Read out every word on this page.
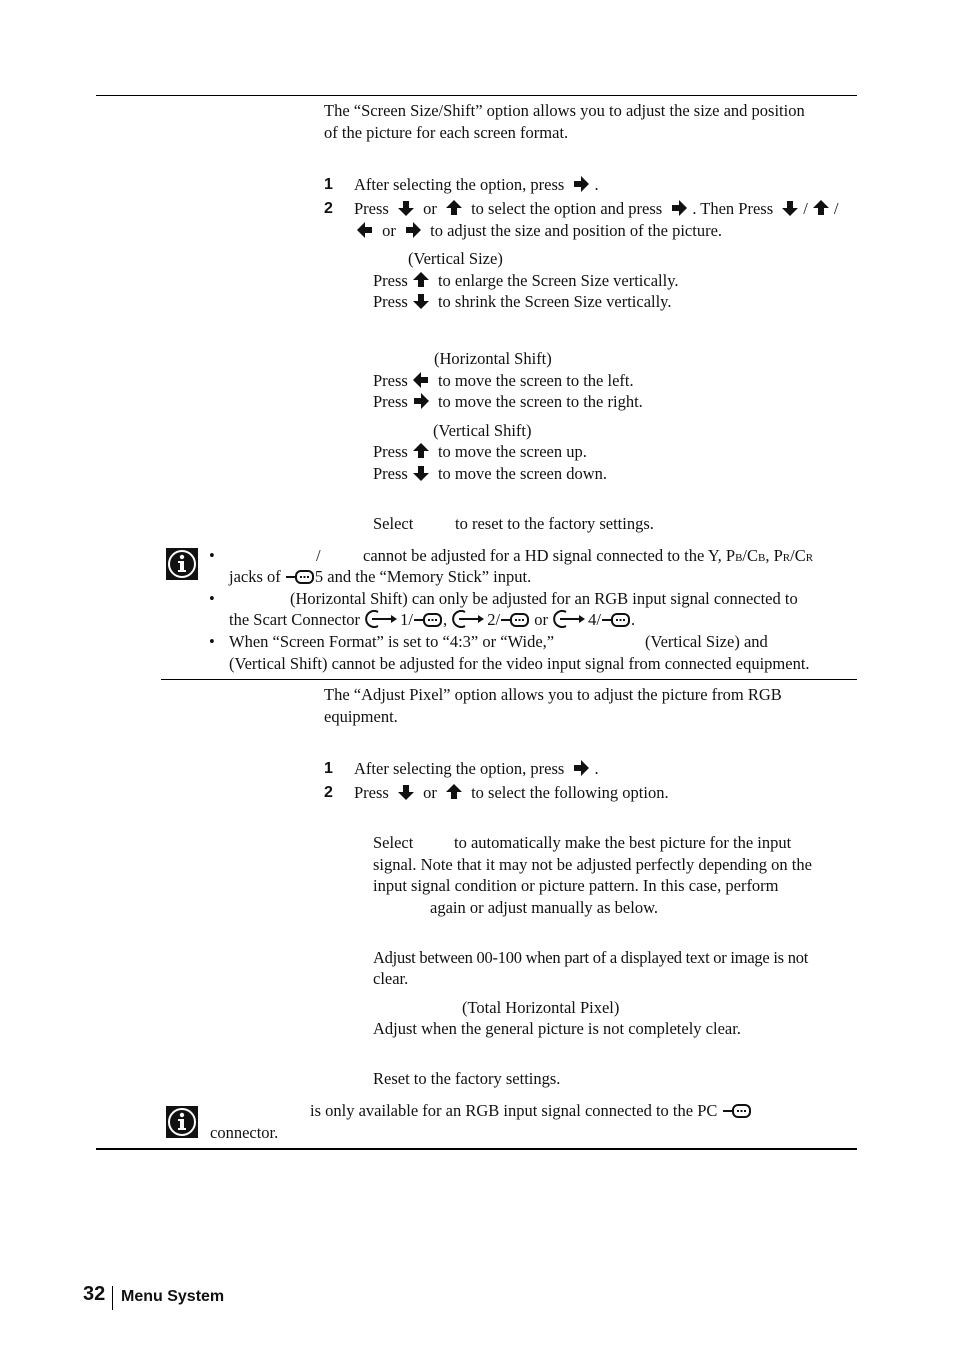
The “Screen Size/Shift” option allows you to adjust the size and position
of the picture for each screen format.
1 After selecting the option, press .
2 Press or to select the option and press . Then Press / /
or to adjust the size and position of the picture.
(Vertical Size)
Press to enlarge the Screen Size vertically.
Press to shrink the Screen Size vertically.
(Horizontal Shift)
Press to move the screen to the left.
Press to move the screen to the right.
(Vertical Shift)
Press to move the screen up.
Press to move the screen down.
Select	to reset to the factory settings.
•	/	cannot be adjusted for a HD signal connected to the Y, PB/CB, PR/CR
jacks of 5 and the “Memory Stick” input.
•	(Horizontal Shift) can only be adjusted for an RGB input signal connected to
the Scart Connector 1/ ,
2/ or 4/ .
• When “Screen Format” is set to “4:3” or “Wide,”	(Vertical Size) and
(Vertical Shift) cannot be adjusted for the video input signal from connected equipment.
The “Adjust Pixel” option allows you to adjust the picture from RGB
equipment.
1 After selecting the option, press .
2 Press or to select the following option.
Select to automatically make the best picture for the input
signal. Note that it may not be adjusted perfectly depending on the
input signal condition or picture pattern. In this case, perform
again or adjust manually as below.
Adjust between 00-100 when part of a displayed text or image is not
clear.
(Total Horizontal Pixel)
Adjust when the general picture is not completely clear.
Reset to the factory settings.
is only available for an RGB input signal connected to the PC
connector.
32 Menu System
